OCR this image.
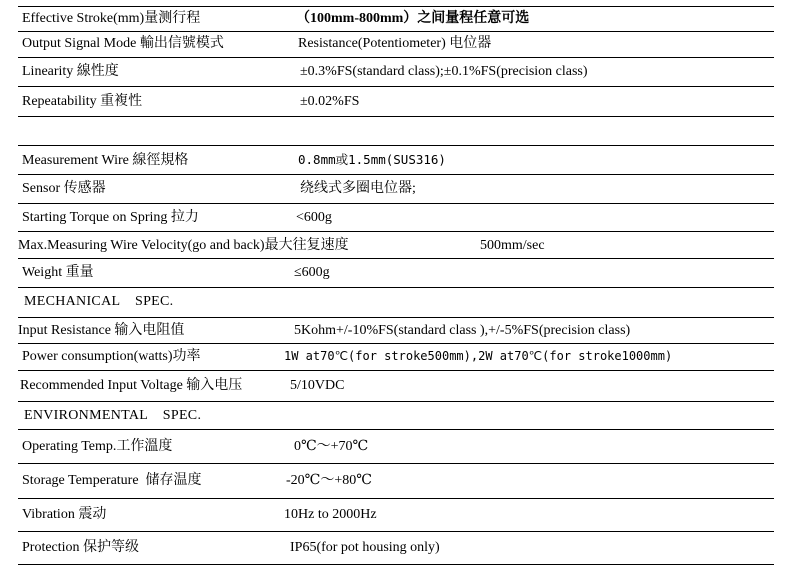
Effective Stroke(mm)量测行程	（100mm-800mm）之间量程任意可选
Output Signal Mode 輸出信號模式	Resistance(Potentiometer) 电位器
Linearity 線性度	±0.3%FS(standard class);±0.1%FS(precision class)
Repeatability 重複性	±0.02%FS
Measurement Wire 線徑規格	0.8mm或1.5mm(SUS316)
Sensor 传感器	绕线式多圈电位器;
Starting Torque on Spring 拉力	<600g
Max.Measuring Wire Velocity(go and back)最大往复速度	500mm/sec
Weight 重量	≤600g
MECHANICAL    SPEC.
Input Resistance 输入电阻值	5Kohm+/-10%FS(standard class ),+/-5%FS(precision class)
Power consumption(watts)功率	1W at70℃(for stroke500mm),2W at70℃(for stroke1000mm)
Recommended Input Voltage 输入电压	5/10VDC
ENVIRONMENTAL    SPEC.
Operating Temp.工作溫度	0℃～+70℃
Storage Temperature  储存温度	-20℃～+80℃
Vibration 震动	10Hz to 2000Hz
Protection 保护等级	IP65(for pot housing only)
